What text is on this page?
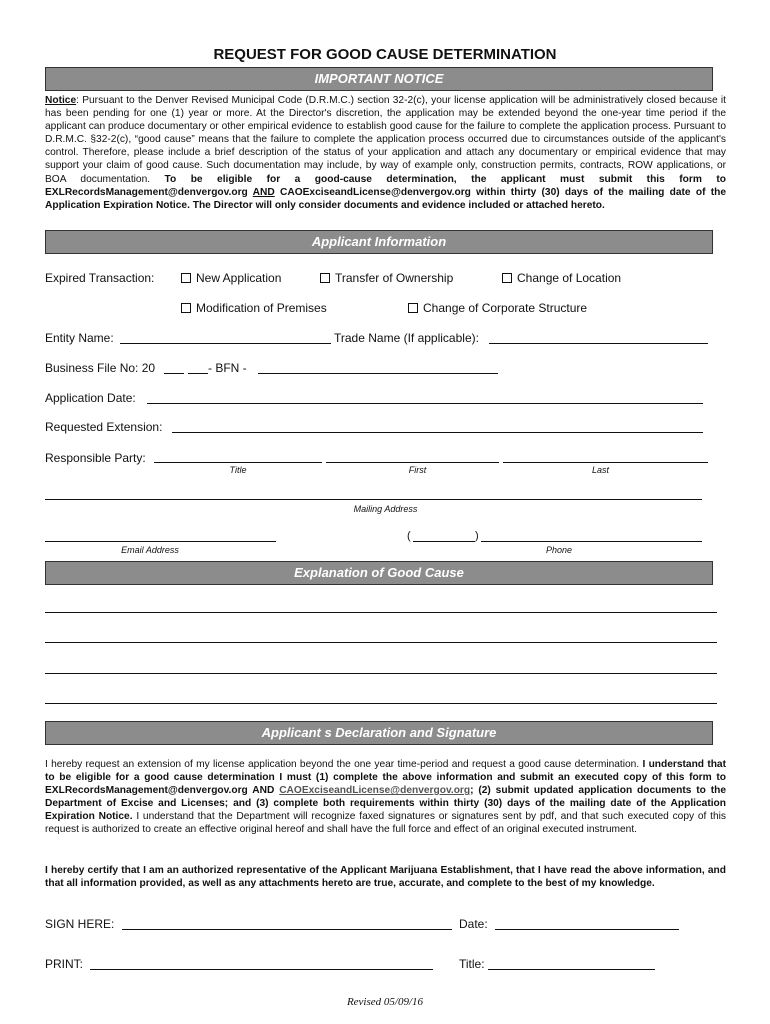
REQUEST FOR GOOD CAUSE DETERMINATION
IMPORTANT NOTICE
Notice: Pursuant to the Denver Revised Municipal Code (D.R.M.C.) section 32-2(c), your license application will be administratively closed because it has been pending for one (1) year or more. At the Director's discretion, the application may be extended beyond the one-year time period if the applicant can produce documentary or other empirical evidence to establish good cause for the failure to complete the application process. Pursuant to D.R.M.C. §32-2(c), “good cause” means that the failure to complete the application process occurred due to circumstances outside of the applicant's control. Therefore, please include a brief description of the status of your application and attach any documentary or empirical evidence that may support your claim of good cause. Such documentation may include, by way of example only, construction permits, contracts, ROW applications, or BOA documentation. To be eligible for a good-cause determination, the applicant must submit this form to EXLRecordsManagement@denvergov.org AND CAOExciseandLicense@denvergov.org within thirty (30) days of the mailing date of the Application Expiration Notice. The Director will only consider documents and evidence included or attached hereto.
Applicant Information
Expired Transaction:	New Application	Transfer of Ownership	Change of Location
Modification of Premises	Change of Corporate Structure
Entity Name:	Trade Name (If applicable):
Business File No: 20	- BFN -
Application Date:
Requested Extension:
Responsible Party:
Title	First	Last
Mailing Address
(	)
Email Address	Phone
Explanation of Good Cause
Applicant s Declaration and Signature
I hereby request an extension of my license application beyond the one year time-period and request a good cause determination. I understand that to be eligible for a good cause determination I must (1) complete the above information and submit an executed copy of this form to EXLRecordsManagement@denvergov.org AND CAOExciseandLicense@denvergov.org; (2) submit updated application documents to the Department of Excise and Licenses; and (3) complete both requirements within thirty (30) days of the mailing date of the Application Expiration Notice. I understand that the Department will recognize faxed signatures or signatures sent by pdf, and that such executed copy of this request is authorized to create an effective original hereof and shall have the full force and effect of an original executed instrument.
I hereby certify that I am an authorized representative of the Applicant Marijuana Establishment, that I have read the above information, and that all information provided, as well as any attachments hereto are true, accurate, and complete to the best of my knowledge.
SIGN HERE:	Date:
PRINT:	Title:
Revised 05/09/16
